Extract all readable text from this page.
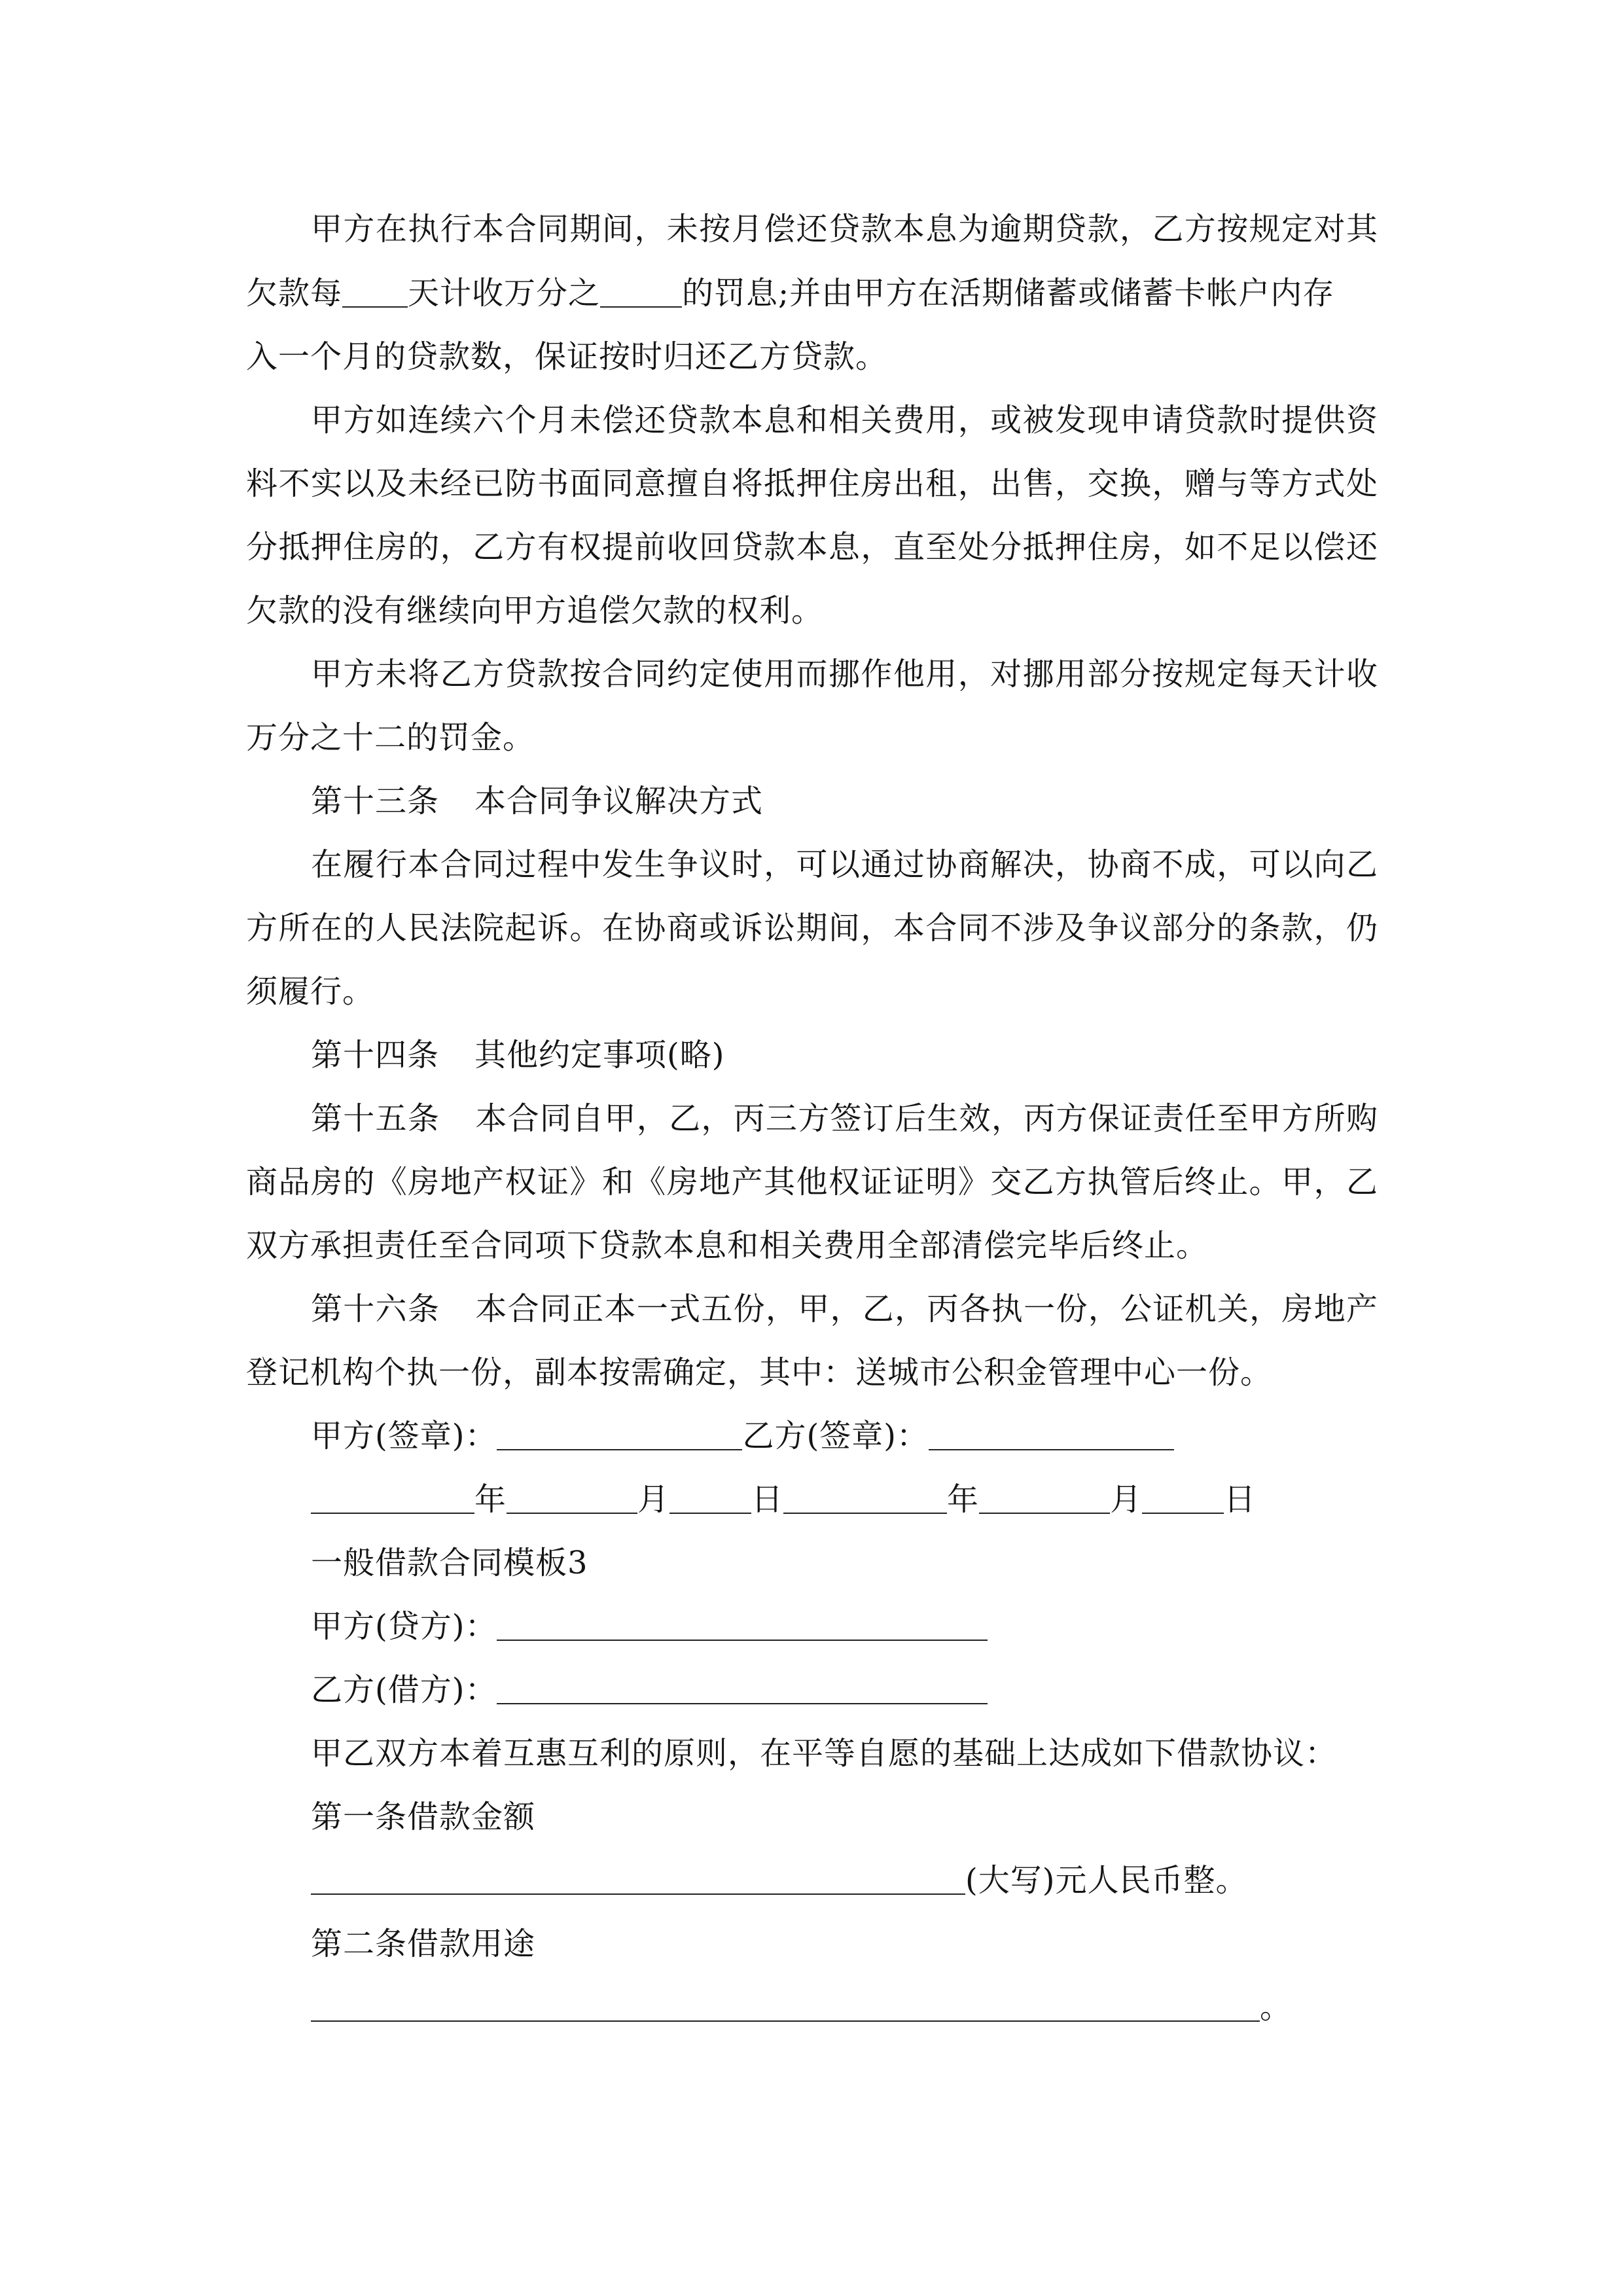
甲方在执行本合同期间，未按月偿还贷款本息为逾期贷款，乙方按规定对其
欠款每 天计收万分之	的罚息;并由甲方在活期储蓄或储蓄卡帐户内存
入一个月的贷款数，保证按时归还乙方贷款。
甲方如连续六个月未偿还贷款本息和相关费用，或被发现申请贷款时提供资
料不实以及未经已防书面同意擅自将抵押住房出租，出售，交换，赠与等方式处
分抵押住房的，乙方有权提前收回贷款本息，直至处分抵押住房，如不足以偿还
欠款的没有继续向甲方追偿欠款的权利。
甲方未将乙方贷款按合同约定使用而挪作他用，对挪用部分按规定每天计收
万分之十二的罚金。
第十三条 本合同争议解决方式
在履行本合同过程中发生争议时，可以通过协商解决，协商不成，可以向乙
方所在的人民法院起诉。在协商或诉讼期间，本合同不涉及争议部分的条款，仍
须履行。
第十四条 其他约定事项(略)
第十五条 本合同自甲，乙，丙三方签订后生效，丙方保证责任至甲方所购
商品房的《房地产权证》和《房地产其他权证证明》交乙方执管后终止。甲，乙
双方承担责任至合同项下贷款本息和相关费用全部清偿完毕后终止。
第十六条 本合同正本一式五份，甲，乙，丙各执一份，公证机关，房地产
登记机构个执一份，副本按需确定，其中：送城市公积金管理中心一份。
甲方(签章)：	乙方(签章)：
年	月	日	年	月	日
一般借款合同模板3
甲方(贷方)：
乙方(借方)：
甲乙双方本着互惠互利的原则，在平等自愿的基础上达成如下借款协议：
第一条借款金额
(大写)元人民币整。
第二条借款用途
。
